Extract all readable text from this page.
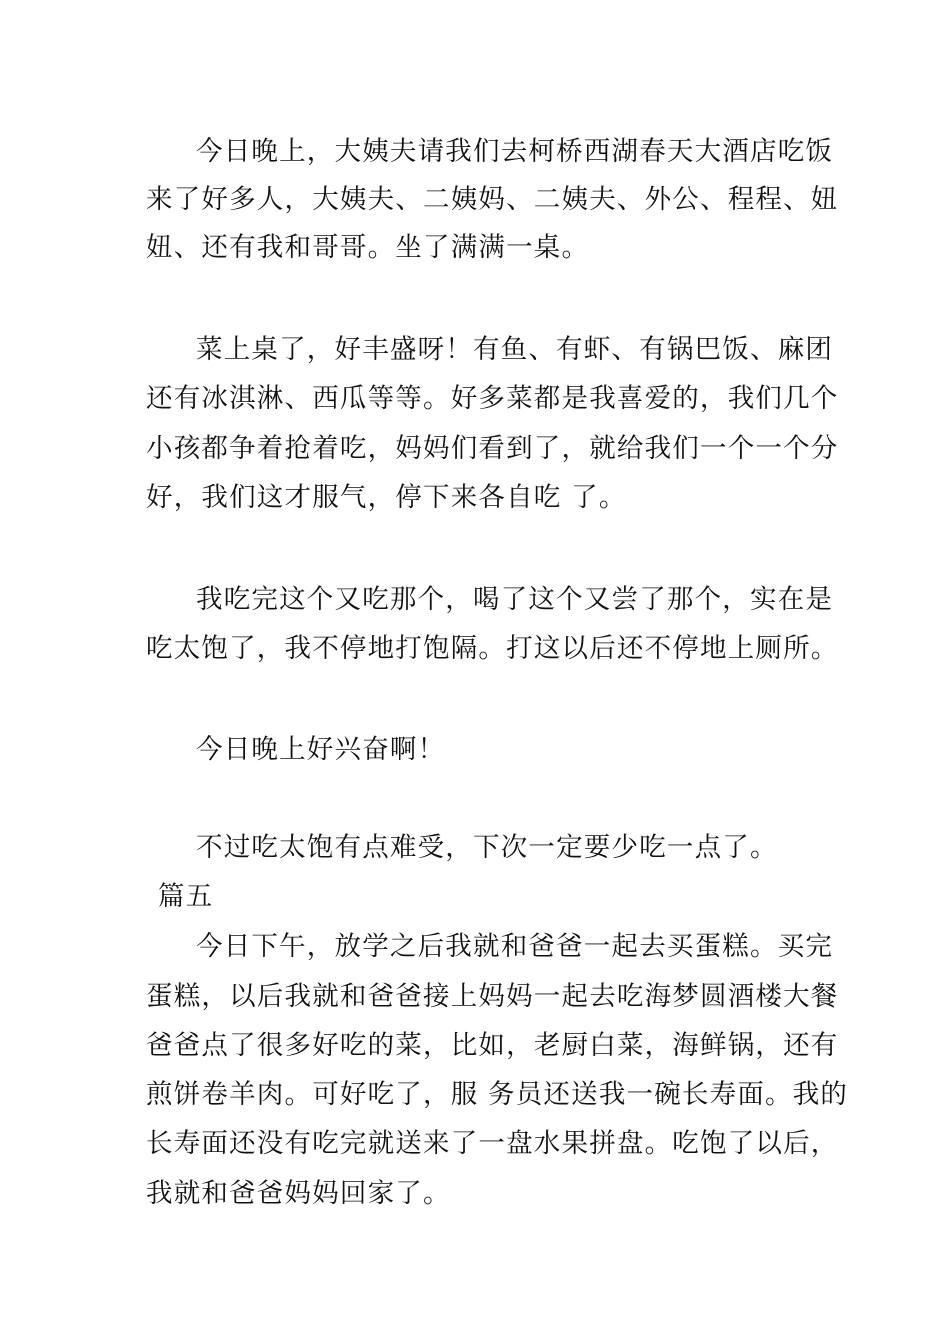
今日晚上，大姨夫请我们去柯桥西湖春天大酒店吃饭
来了好多人，大姨夫、二姨妈、二姨夫、外公、程程、妞
妞、还有我和哥哥。坐了满满一桌。
菜上桌了，好丰盛呀！有鱼、有虾、有锅巴饭、麻团
还有冰淇淋、西瓜等等。好多菜都是我喜爱的，我们几个
小孩都争着抢着吃，妈妈们看到了，就给我们一个一个分
好，我们这才服气，停下来各自吃 了。
我吃完这个又吃那个，喝了这个又尝了那个，实在是
吃太饱了，我不停地打饱隔。打这以后还不停地上厕所。
今日晚上好兴奋啊！
不过吃太饱有点难受，下次一定要少吃一点了。
篇五
今日下午，放学之后我就和爸爸一起去买蛋糕。买完
蛋糕，以后我就和爸爸接上妈妈一起去吃海梦圆酒楼大餐
爸爸点了很多好吃的菜，比如，老厨白菜，海鲜锅，还有
煎饼卷羊肉。可好吃了，服 务员还送我一碗长寿面。我的
长寿面还没有吃完就送来了一盘水果拼盘。吃饱了以后，
我就和爸爸妈妈回家了。
